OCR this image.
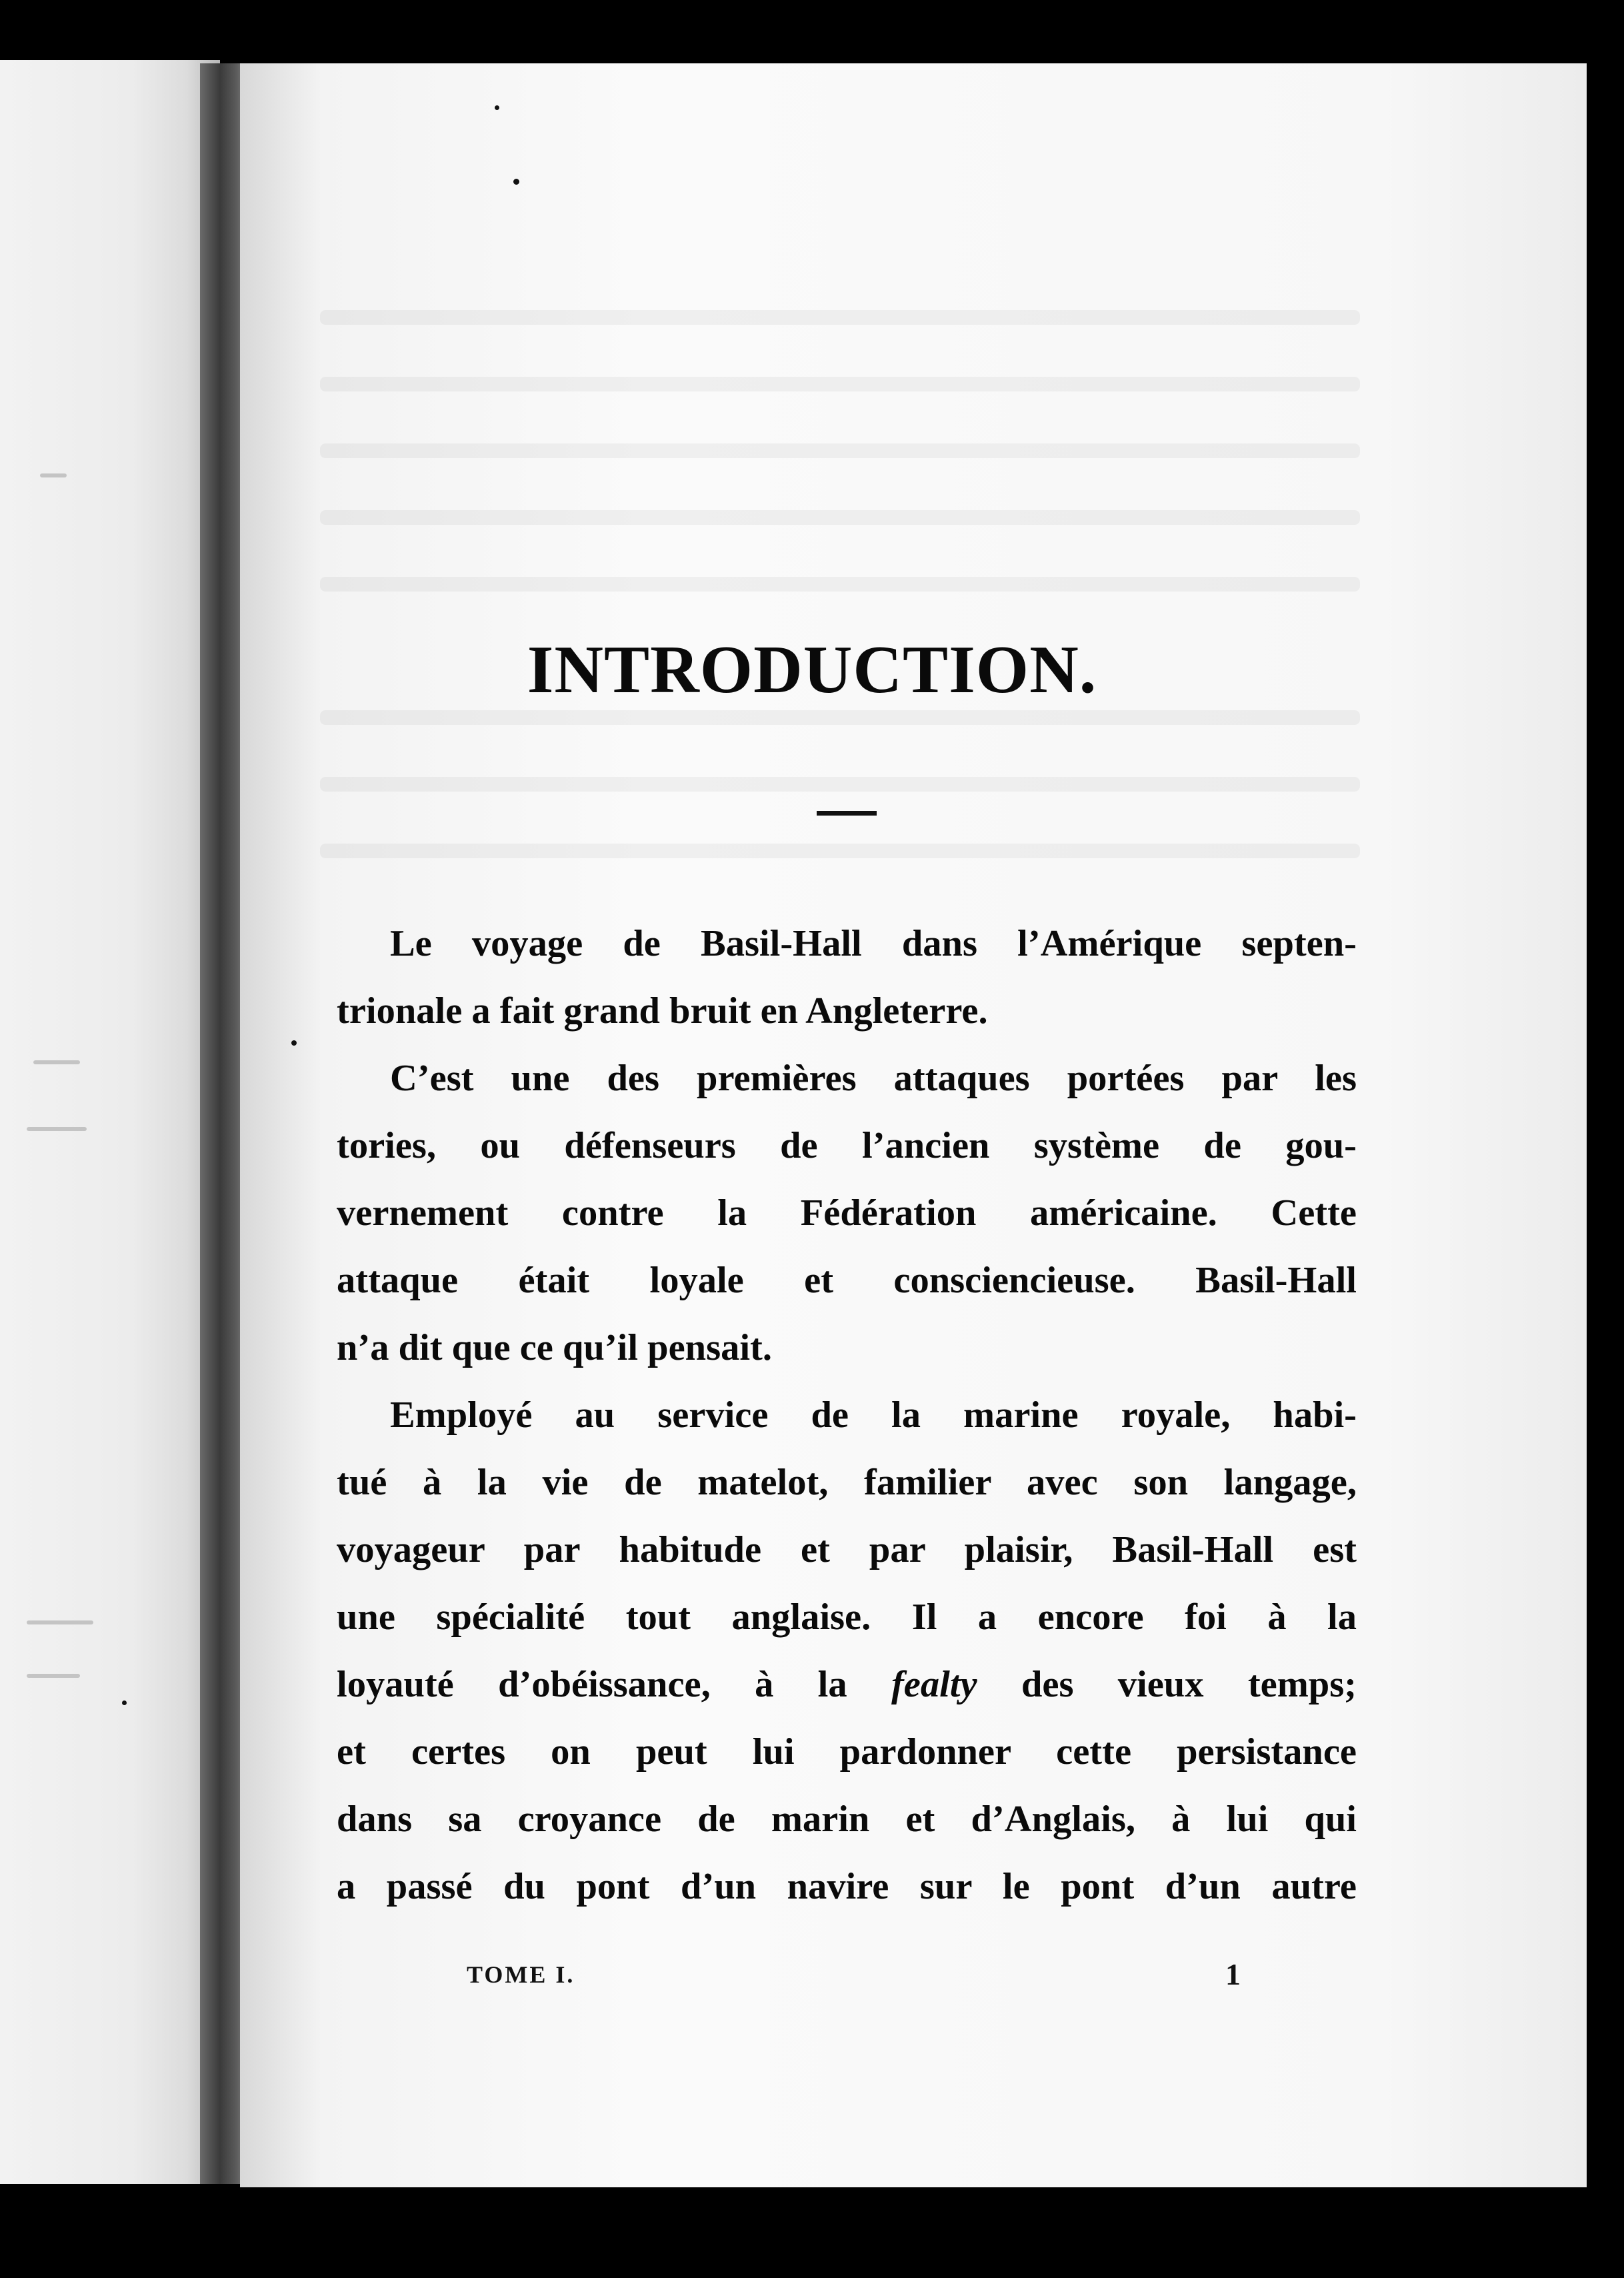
INTRODUCTION.

Le voyage de Basil-Hall dans l’Amérique septen-
trionale a fait grand bruit en Angleterre.

C’est une des premières attaques portées par les
tories, ou défenseurs de l’ancien système de gou-
vernement contre la Fédération américaine. Cette
attaque était loyale et consciencieuse. Basil-Hall
n’a dit que ce qu’il pensait.

Employé au service de la marine royale, habi-
tué à la vie de matelot, familier avec son langage,
voyageur par habitude et par plaisir, Basil-Hall est
une spécialité tout anglaise. Il a encore foi à la
loyauté d’obéissance, à la fealty des vieux temps;
et certes on peut lui pardonner cette persistance
dans sa croyance de marin et d’Anglais, à lui qui
a passé du pont d’un navire sur le pont d’un autre

TOME I.	1
